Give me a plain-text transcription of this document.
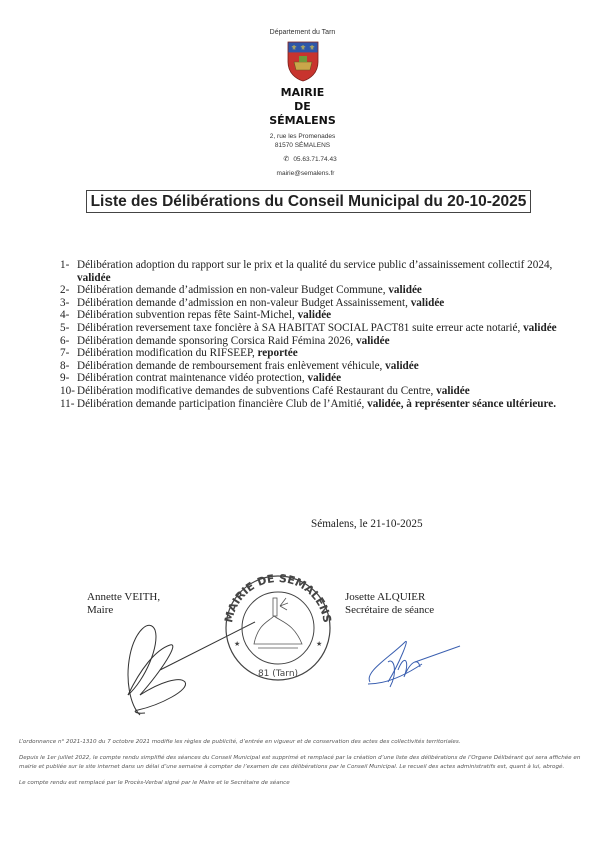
Département du Tarn
⚜ ⚜ ⚜
MAIRIE
DE
SÉMALENS
2, rue les Promenades
81570 SÉMALENS
✆ 05.63.71.74.43
mairie@semalens.fr
Liste des Délibérations du Conseil Municipal du 20-10-2025
1- Délibération adoption du rapport sur le prix et la qualité du service public d’assainissement collectif 2024, validée
2- Délibération demande d’admission en non-valeur Budget Commune, validée
3- Délibération demande d’admission en non-valeur Budget Assainissement, validée
4- Délibération subvention repas fête Saint-Michel, validée
5- Délibération reversement taxe foncière à SA HABITAT SOCIAL PACT81 suite erreur acte notarié, validée
6- Délibération demande sponsoring Corsica Raid Fémina 2026, validée
7- Délibération modification du RIFSEEP, reportée
8- Délibération demande de remboursement frais enlèvement véhicule, validée
9- Délibération contrat maintenance vidéo protection, validée
10- Délibération modificative demandes de subventions Café Restaurant du Centre, validée
11- Délibération demande participation financière Club de l’Amitié, validée, à représenter séance ultérieure.
Sémalens, le 21-10-2025
Annette VEITH,
Maire
Josette ALQUIER
Secrétaire de séance
MAIRIE DE SEMALENS
81 (Tarn)
★	★

L’ordonnance n° 2021-1310 du 7 octobre 2021 modifie les règles de publicité, d’entrée en vigueur et de conservation des actes des collectivités territoriales.

Depuis le 1er juillet 2022, le compte rendu simplifié des séances du Conseil Municipal est supprimé et remplacé par la création d’une liste des délibérations de l’Organe Délibérant qui sera affichée en mairie et publiée sur le site internet dans un délai d’une semaine à compter de l’examen de ces délibérations par le Conseil Municipal. Le recueil des actes administratifs est, quant à lui, abrogé.

Le compte rendu est remplacé par le Procès-Verbal signé par le Maire et le Secrétaire de séance
